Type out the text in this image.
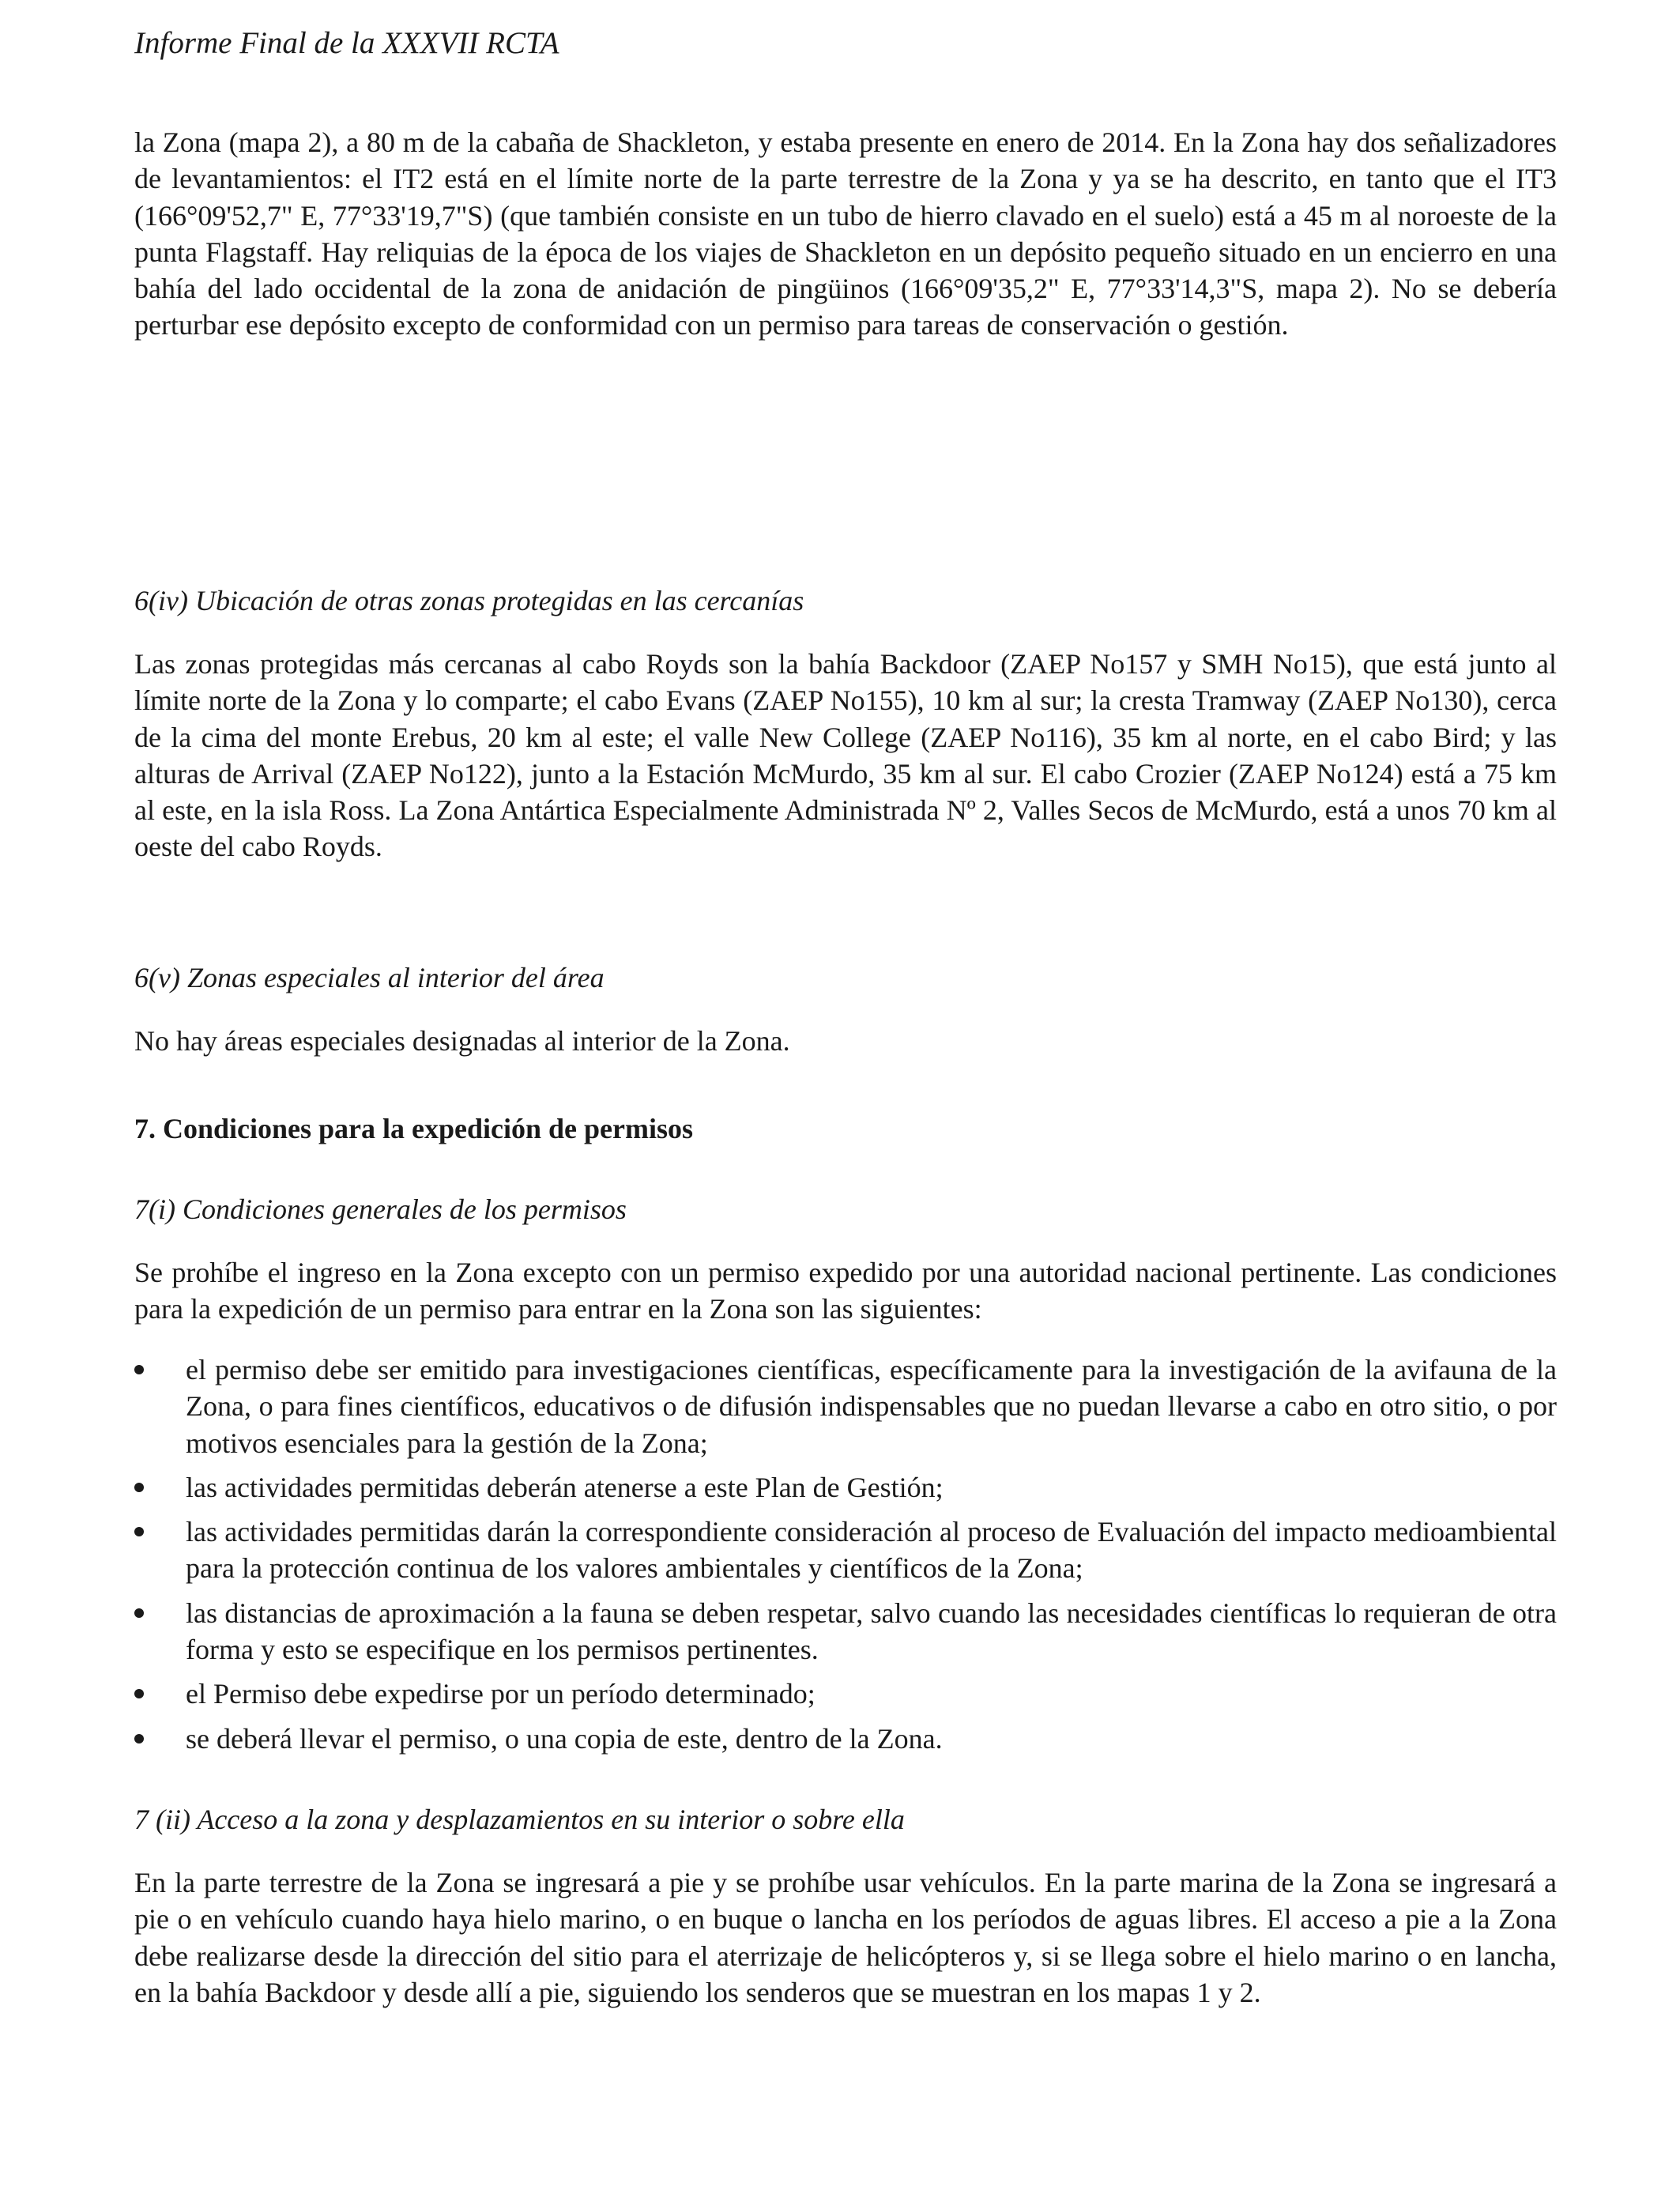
Informe Final de la XXXVII RCTA

la Zona (mapa 2), a 80 m de la cabaña de Shackleton, y estaba presente en enero de 2014. En la Zona hay dos señalizadores de levantamientos: el IT2 está en el límite norte de la parte terrestre de la Zona y ya se ha descrito, en tanto que el IT3 (166°09'52,7" E, 77°33'19,7"S) (que también consiste en un tubo de hierro clavado en el suelo) está a 45 m al noroeste de la punta Flagstaff. Hay reliquias de la época de los viajes de Shackleton en un depósito pequeño situado en un encierro en una bahía del lado occidental de la zona de anidación de pingüinos (166°09'35,2" E, 77°33'14,3"S, mapa 2). No se debería perturbar ese depósito excepto de conformidad con un permiso para tareas de conservación o gestión.

6(iv) Ubicación de otras zonas protegidas en las cercanías

Las zonas protegidas más cercanas al cabo Royds son la bahía Backdoor (ZAEP No157 y SMH No15), que está junto al límite norte de la Zona y lo comparte; el cabo Evans (ZAEP No155), 10 km al sur; la cresta Tramway (ZAEP No130), cerca de la cima del monte Erebus, 20 km al este; el valle New College (ZAEP No116), 35 km al norte, en el cabo Bird; y las alturas de Arrival (ZAEP No122), junto a la Estación McMurdo, 35 km al sur. El cabo Crozier (ZAEP No124) está a 75 km al este, en la isla Ross. La Zona Antártica Especialmente Administrada Nº 2, Valles Secos de McMurdo, está a unos 70 km al oeste del cabo Royds.

6(v) Zonas especiales al interior del área

No hay áreas especiales designadas al interior de la Zona.

7. Condiciones para la expedición de permisos
7(i) Condiciones generales de los permisos

Se prohíbe el ingreso en la Zona excepto con un permiso expedido por una autoridad nacional pertinente. Las condiciones para la expedición de un permiso para entrar en la Zona son las siguientes:

el permiso debe ser emitido para investigaciones científicas, específicamente para la investigación de la avifauna de la Zona, o para fines científicos, educativos o de difusión indispensables que no puedan llevarse a cabo en otro sitio, o por motivos esenciales para la gestión de la Zona;
las actividades permitidas deberán atenerse a este Plan de Gestión;
las actividades permitidas darán la correspondiente consideración al proceso de Evaluación del impacto medioambiental para la protección continua de los valores ambientales y científicos de la Zona;
las distancias de aproximación a la fauna se deben respetar, salvo cuando las necesidades científicas lo requieran de otra forma y esto se especifique en los permisos pertinentes.
el Permiso debe expedirse por un período determinado;
se deberá llevar el permiso, o una copia de este, dentro de la Zona.
7 (ii) Acceso a la zona y desplazamientos en su interior o sobre ella

En la parte terrestre de la Zona se ingresará a pie y se prohíbe usar vehículos. En la parte marina de la Zona se ingresará a pie o en vehículo cuando haya hielo marino, o en buque o lancha en los períodos de aguas libres. El acceso a pie a la Zona debe realizarse desde la dirección del sitio para el aterrizaje de helicópteros y, si se llega sobre el hielo marino o en lancha, en la bahía Backdoor y desde allí a pie, siguiendo los senderos que se muestran en los mapas 1 y 2.
